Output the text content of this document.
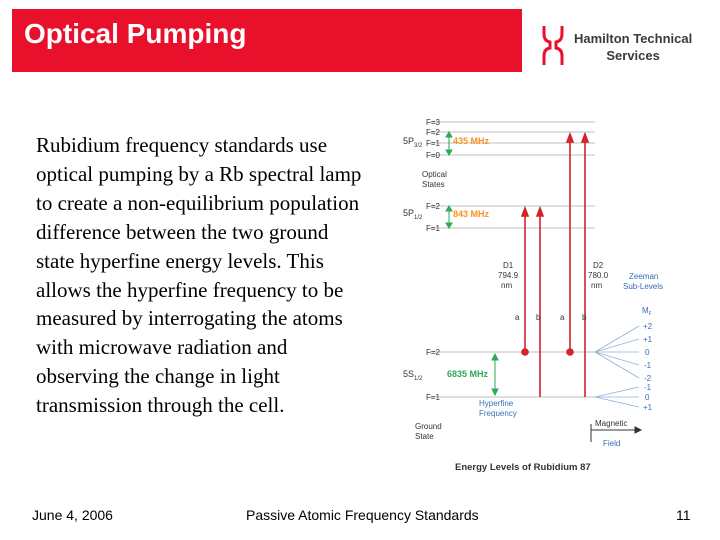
Optical Pumping	Hamilton Technical
Services
Rubidium frequency standards use optical pumping by a Rb spectral lamp to create a non-equilibrium population difference between the two ground state hyperfine energy levels. This allows the hyperfine frequency to be measured by interrogating the atoms with microwave radiation and observing the change in light transmission through the cell.
F=3
F=2
F=1
F=0
$5P_{3/2}$	435 MHz
Optical
States
F=2
F=1
$5P_{1/2}$	843 MHz
F=2
F=1
$5S_{1/2}$	6835 MHz
Hyperfine
Frequency
Ground
State
D1
794.9
nm
D2
780.0
nm
a b a b
Zeeman
Sub-Levels
$M_F$
+2
+1
0
-1
-2
-1
0
+1
Magnetic
Field
Energy Levels of Rubidium 87
June 4, 2006	Passive Atomic Frequency Standards	11
